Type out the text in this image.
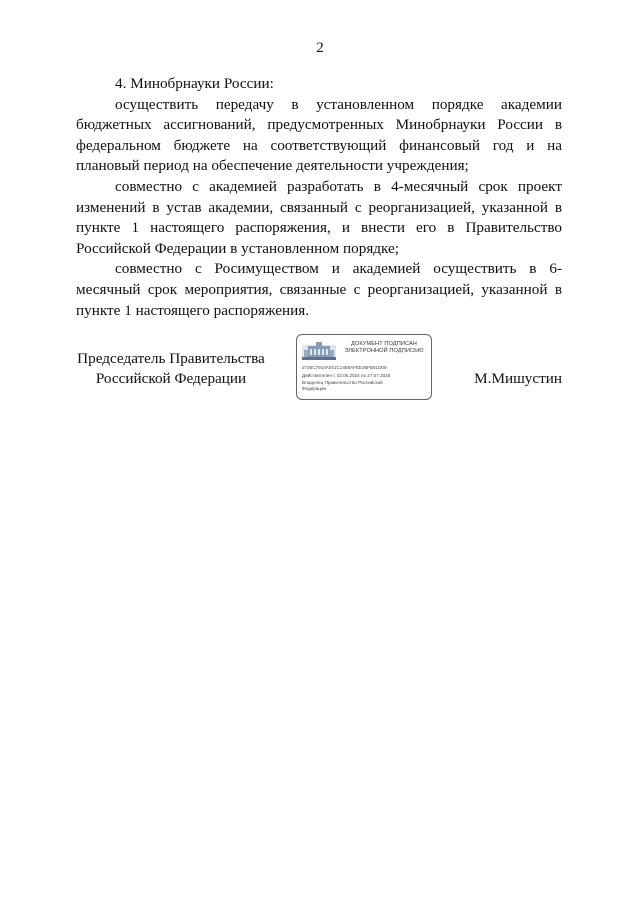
2

4. Минобрнауки России:

осуществить передачу в установленном порядке академии бюджетных ассигнований, предусмотренных Минобрнауки России в федеральном бюджете на соответствующий финансовый год и на плановый период на обеспечение деятельности учреждения;

совместно с академией разработать в 4-месячный срок проект изменений в устав академии, связанный с реорганизацией, указанной в пункте 1 настоящего распоряжения, и внести его в Правительство Российской Федерации в установленном порядке;

совместно с Росимуществом и академией осуществить в 6-месячный срок мероприятия, связанные с реорганизацией, указанной в пункте 1 настоящего распоряжения.

Председатель Правительства
Российской Федерации
ДОКУМЕНТ ПОДПИСАН
ЭЛЕКТРОННОЙ ПОДПИСЬЮ
2726C7910A041C1458AFEE36FB61D09
Действителен с 03.05.2024 по 27.07.2025
Владелец Правительство Российской
Федерации
М.Мишустин
